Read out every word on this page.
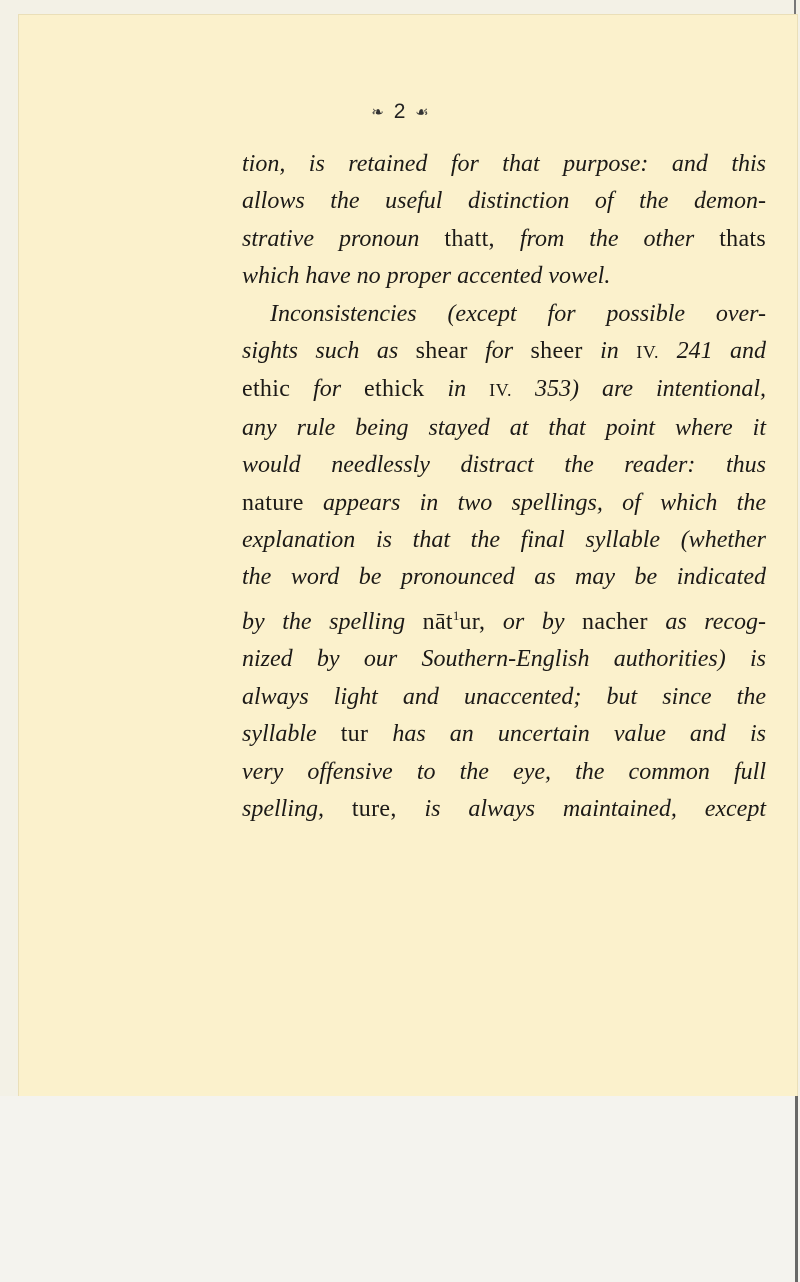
❧ 2 ☙
tion, is retained for that purpose: and this
allows the useful distinction of the demon-
strative pronoun thatt, from the other thats
which have no proper accented vowel.
Inconsistencies (except for possible over-
sights such as shear for sheer in IV. 241 and
ethic for ethick in IV. 353) are intentional,
any rule being stayed at that point where it
would needlessly distract the reader: thus
nature appears in two spellings, of which the
explanation is that the final syllable (whether
the word be pronounced as may be indicated
by the spelling nāt$^1$ur, or by nacher as recog-
nized by our Southern-English authorities) is
always light and unaccented; but since the
syllable tur has an uncertain value and is
very offensive to the eye, the common full
spelling, ture, is always maintained, except
